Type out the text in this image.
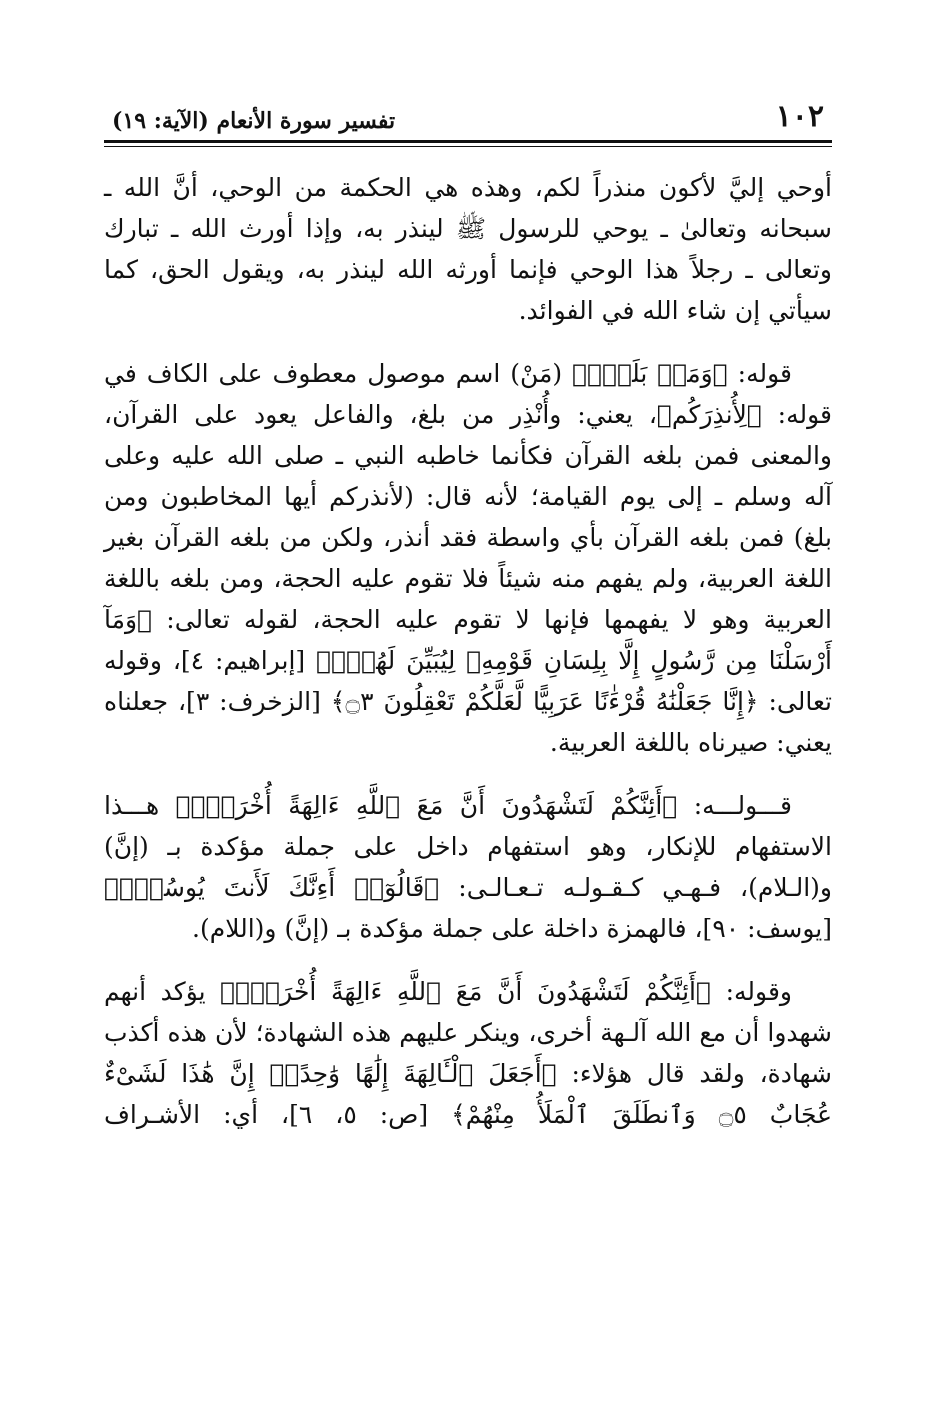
١٠٢
تفسير سورة الأنعام (الآية: ١٩)

أوحي إليَّ لأكون منذراً لكم، وهذه هي الحكمة من الوحي، أنَّ الله ـ سبحانه وتعالىٰ ـ يوحي للرسول ﷺ لينذر به، وإذا أورث الله ـ تبارك وتعالى ـ رجلاً هذا الوحي فإنما أورثه الله لينذر به، ويقول الحق، كما سيأتي إن شاء الله في الفوائد.

قوله: ﴿وَمَنۢ بَلَغَۚ﴾ (مَنْ) اسم موصول معطوف على الكاف في قوله: ﴿لِأُنذِرَكُم﴾، يعني: وأُنْذِر من بلغ، والفاعل يعود على القرآن، والمعنى فمن بلغه القرآن فكأنما خاطبه النبي ـ صلى الله عليه وعلى آله وسلم ـ إلى يوم القيامة؛ لأنه قال: (لأنذركم أيها المخاطبون ومن بلغ) فمن بلغه القرآن بأي واسطة فقد أنذر، ولكن من بلغه القرآن بغير اللغة العربية، ولم يفهم منه شيئاً فلا تقوم عليه الحجة، ومن بلغه باللغة العربية وهو لا يفهمها فإنها لا تقوم عليه الحجة، لقوله تعالى: ﴿وَمَآ أَرْسَلْنَا مِن رَّسُولٍ إِلَّا بِلِسَانِ قَوْمِهِۦ لِيُبَيِّنَ لَهُمْۖ﴾ [إبراهيم: ٤]، وقوله تعالى: ﴿إِنَّا جَعَلْنَٰهُ قُرْءَٰنًا عَرَبِيًّا لَّعَلَّكُمْ تَعْقِلُونَ ۝٣﴾ [الزخرف: ٣]، جعلناه يعني: صيرناه باللغة العربية.

قـــولـــه: ﴿أَئِنَّكُمْ لَتَشْهَدُونَ أَنَّ مَعَ ٱللَّهِ ءَالِهَةً أُخْرَىٰۚ﴾ هـــذا الاستفهام للإنكار، وهو استفهام داخل على جملة مؤكدة بـ (إنَّ) و(الـلام)، فـهـي كـقـولـه تـعـالـى: ﴿قَالُوٓا۟ أَءِنَّكَ لَأَنتَ يُوسُفُۖ﴾ [يوسف: ٩٠]، فالهمزة داخلة على جملة مؤكدة بـ (إنَّ) و(اللام).

وقوله: ﴿أَئِنَّكُمْ لَتَشْهَدُونَ أَنَّ مَعَ ٱللَّهِ ءَالِهَةً أُخْرَىٰۚ﴾ يؤكد أنهم شهدوا أن مع الله آلـهة أخرى، وينكر عليهم هذه الشهادة؛ لأن هذه أكذب شهادة، ولقد قال هؤلاء: ﴿أَجَعَلَ ٱلْـَٔالِهَةَ إِلَٰهًا وَٰحِدًاۖ إِنَّ هَٰذَا لَشَىْءٌ عُجَابٌ ۝٥ وَٱنطَلَقَ ٱلْمَلَأُ مِنْهُمْ﴾ [ص: ٥، ٦]، أي: الأشـراف
